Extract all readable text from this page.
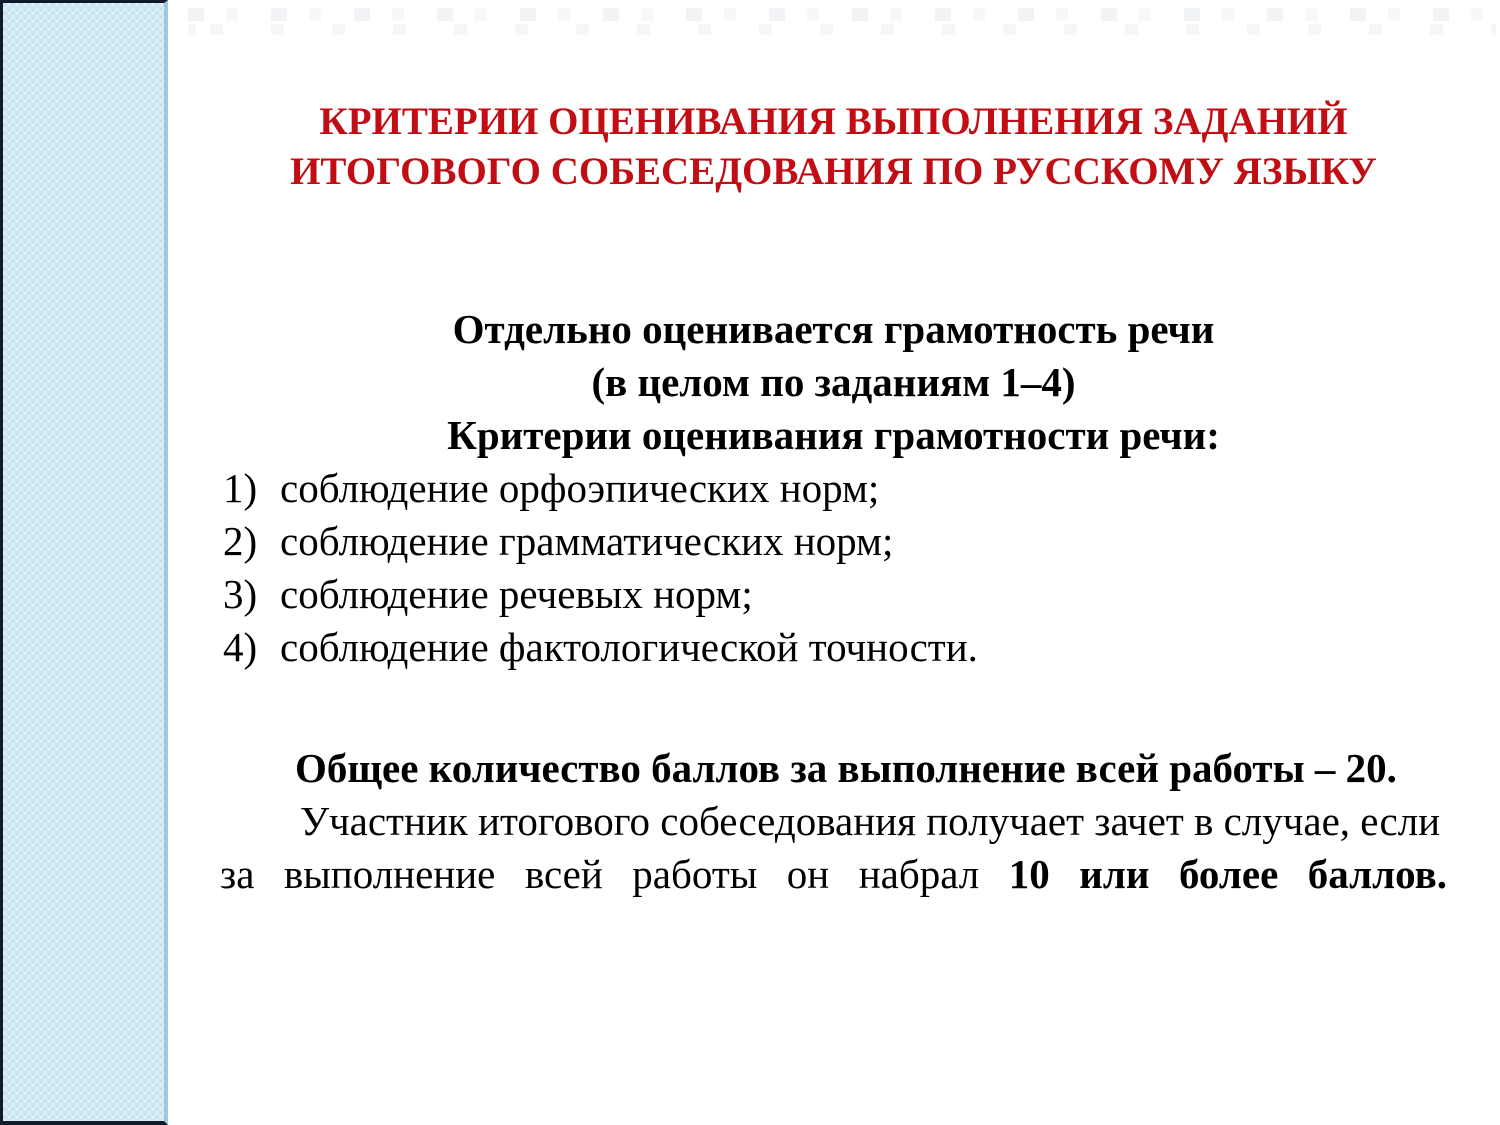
КРИТЕРИИ ОЦЕНИВАНИЯ ВЫПОЛНЕНИЯ ЗАДАНИЙ
ИТОГОВОГО СОБЕСЕДОВАНИЯ ПО РУССКОМУ ЯЗЫКУ
Отдельно оценивается грамотность речи
(в целом по заданиям 1–4)
Критерии оценивания грамотности речи:
1) соблюдение орфоэпических норм;
2) соблюдение грамматических норм;
3) соблюдение речевых норм;
4) соблюдение фактологической точности.
Общее количество баллов за выполнение всей работы – 20.
Участник итогового собеседования получает зачет в случае, если
за выполнение всей работы он набрал 10 или более баллов.
